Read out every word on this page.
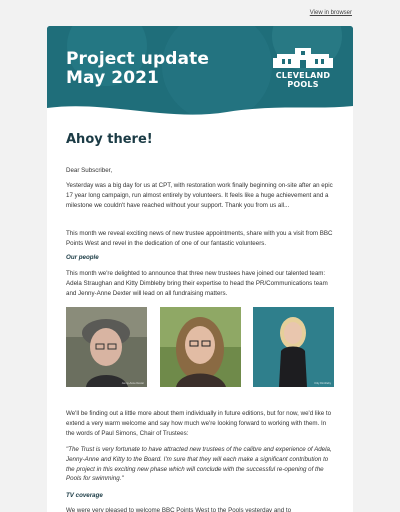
View in browser
Project update
May 2021	CLEVELAND
POOLS
Ahoy there!
Dear Subscriber,
Yesterday was a big day for us at CPT, with restoration work finally beginning on-site after an epic 17 year long campaign, run almost entirely by volunteers. It feels like a huge achievement and a milestone we couldn't have reached without your support. Thank you from us all...
This month we reveal exciting news of new trustee appointments, share with you a visit from BBC Points West and revel in the dedication of one of our fantastic volunteers.
Our people
This month we're delighted to announce that three new trustees have joined our talented team: Adela Straughan and Kitty Dimbleby bring their expertise to head the PR/Communications team and Jenny-Anne Dexter will lead on all fundraising matters.
We'll be finding out a little more about them individually in future editions, but for now, we'd like to extend a very warm welcome and say how much we're looking forward to working with them. In the words of Paul Simons, Chair of Trustees:
"The Trust is very fortunate to have attracted new trustees of the calibre and experience of Adela, Jenny-Anne and Kitty to the Board. I'm sure that they will each make a significant contribution to the project in this exciting new phase which will conclude with the successful re-opening of the Pools for swimming."
TV coverage
We were very pleased to welcome BBC Points West to the Pools yesterday and to
Jenny-Anne Dexter	Kitty Dimbleby
